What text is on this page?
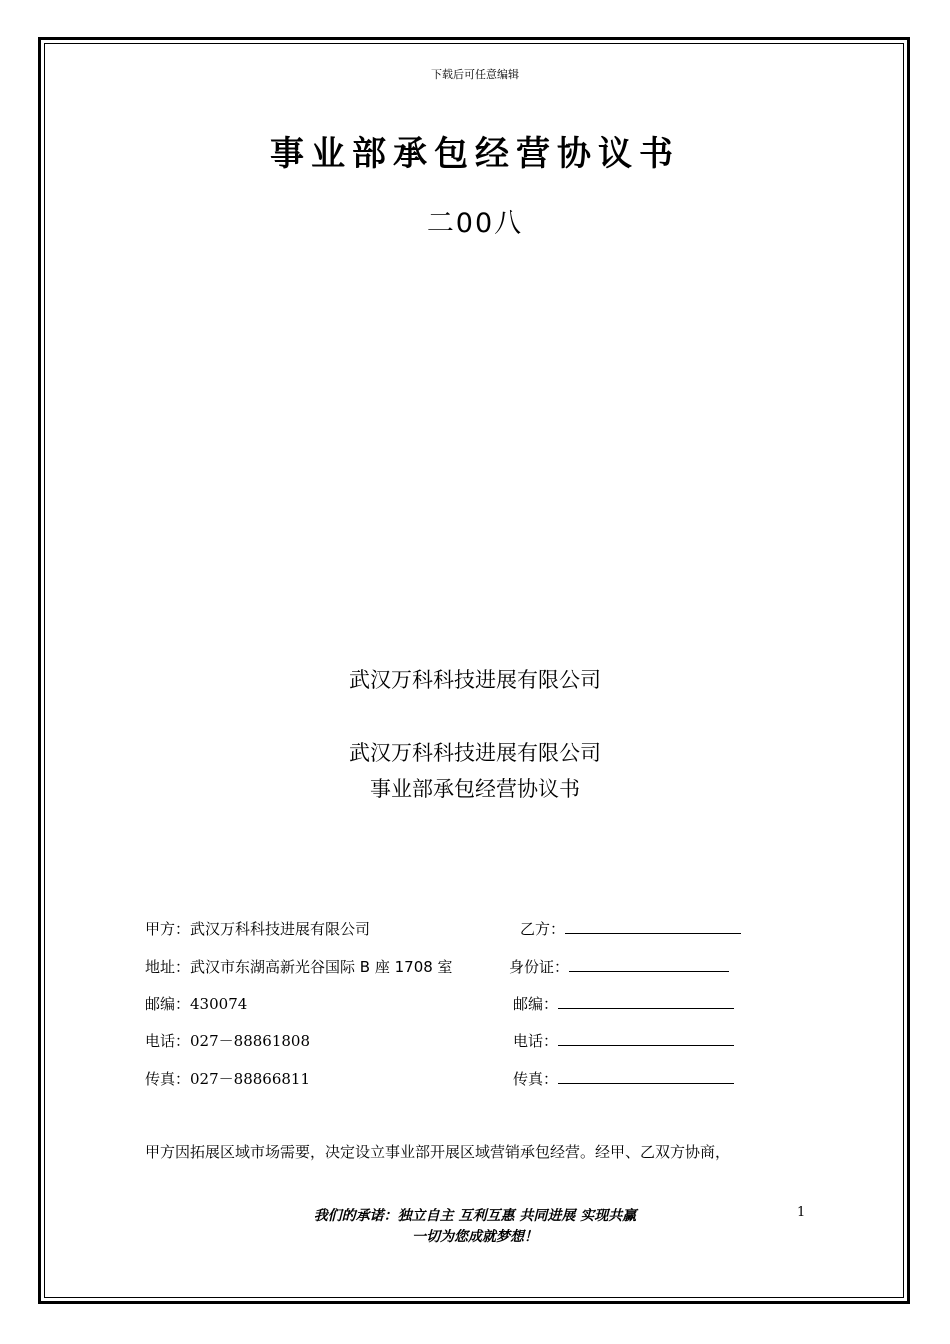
下载后可任意编辑
事业部承包经营协议书
二00八
武汉万科科技进展有限公司
武汉万科科技进展有限公司
事业部承包经营协议书
甲方：武汉万科科技进展有限公司
地址：武汉市东湖高新光谷国际 B 座 1708 室
邮编：430074
电话：027－88861808
传真：027－88866811
乙方：
身份证：
邮编：
电话：
传真：
甲方因拓展区域市场需要，决定设立事业部开展区域营销承包经营。经甲、乙双方协商，
我们的承诺：独立自主 互利互惠 共同进展 实现共赢
一切为您成就梦想！
1
